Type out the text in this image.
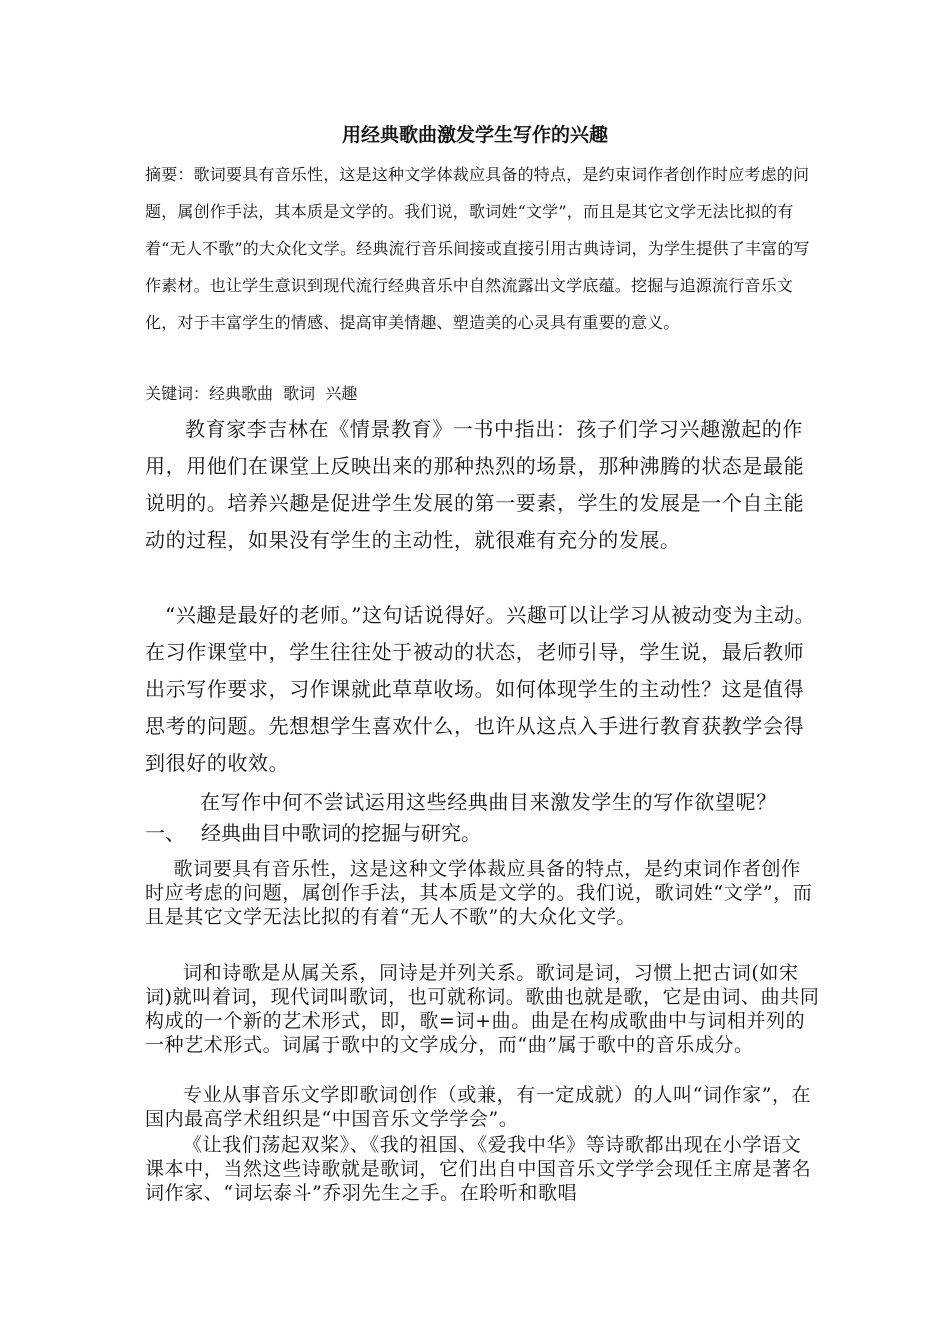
用经典歌曲激发学生写作的兴趣

摘要：歌词要具有音乐性，这是这种文学体裁应具备的特点，是约束词作者创作时应考虑的问题，属创作手法，其本质是文学的。我们说，歌词姓“文学”，而且是其它文学无法比拟的有着“无人不歌”的大众化文学。经典流行音乐间接或直接引用古典诗词，为学生提供了丰富的写作素材。也让学生意识到现代流行经典音乐中自然流露出文学底蕴。挖掘与追源流行音乐文化，对于丰富学生的情感、提高审美情趣、塑造美的心灵具有重要的意义。

关键词：经典歌曲  歌词  兴趣

教育家李吉林在《情景教育》一书中指出：孩子们学习兴趣激起的作用，用他们在课堂上反映出来的那种热烈的场景，那种沸腾的状态是最能说明的。培养兴趣是促进学生发展的第一要素，学生的发展是一个自主能动的过程，如果没有学生的主动性，就很难有充分的发展。

“兴趣是最好的老师。”这句话说得好。兴趣可以让学习从被动变为主动。在习作课堂中，学生往往处于被动的状态，老师引导，学生说，最后教师出示写作要求，习作课就此草草收场。如何体现学生的主动性？这是值得思考的问题。先想想学生喜欢什么，也许从这点入手进行教育获教学会得到很好的收效。

在写作中何不尝试运用这些经典曲目来激发学生的写作欲望呢？

一、 经典曲目中歌词的挖掘与研究。

歌词要具有音乐性，这是这种文学体裁应具备的特点，是约束词作者创作时应考虑的问题，属创作手法，其本质是文学的。我们说，歌词姓“文学”，而且是其它文学无法比拟的有着“无人不歌”的大众化文学。

词和诗歌是从属关系，同诗是并列关系。歌词是词，习惯上把古词(如宋词)就叫着词，现代词叫歌词，也可就称词。歌曲也就是歌，它是由词、曲共同构成的一个新的艺术形式，即，歌=词+曲。曲是在构成歌曲中与词相并列的一种艺术形式。词属于歌中的文学成分，而“曲”属于歌中的音乐成分。

专业从事音乐文学即歌词创作（或兼，有一定成就）的人叫“词作家”，在国内最高学术组织是“中国音乐文学学会”。

《让我们荡起双桨》、《我的祖国、《爱我中华》等诗歌都出现在小学语文课本中，当然这些诗歌就是歌词，它们出自中国音乐文学学会现任主席是著名词作家、“词坛泰斗”乔羽先生之手。在聆听和歌唱
